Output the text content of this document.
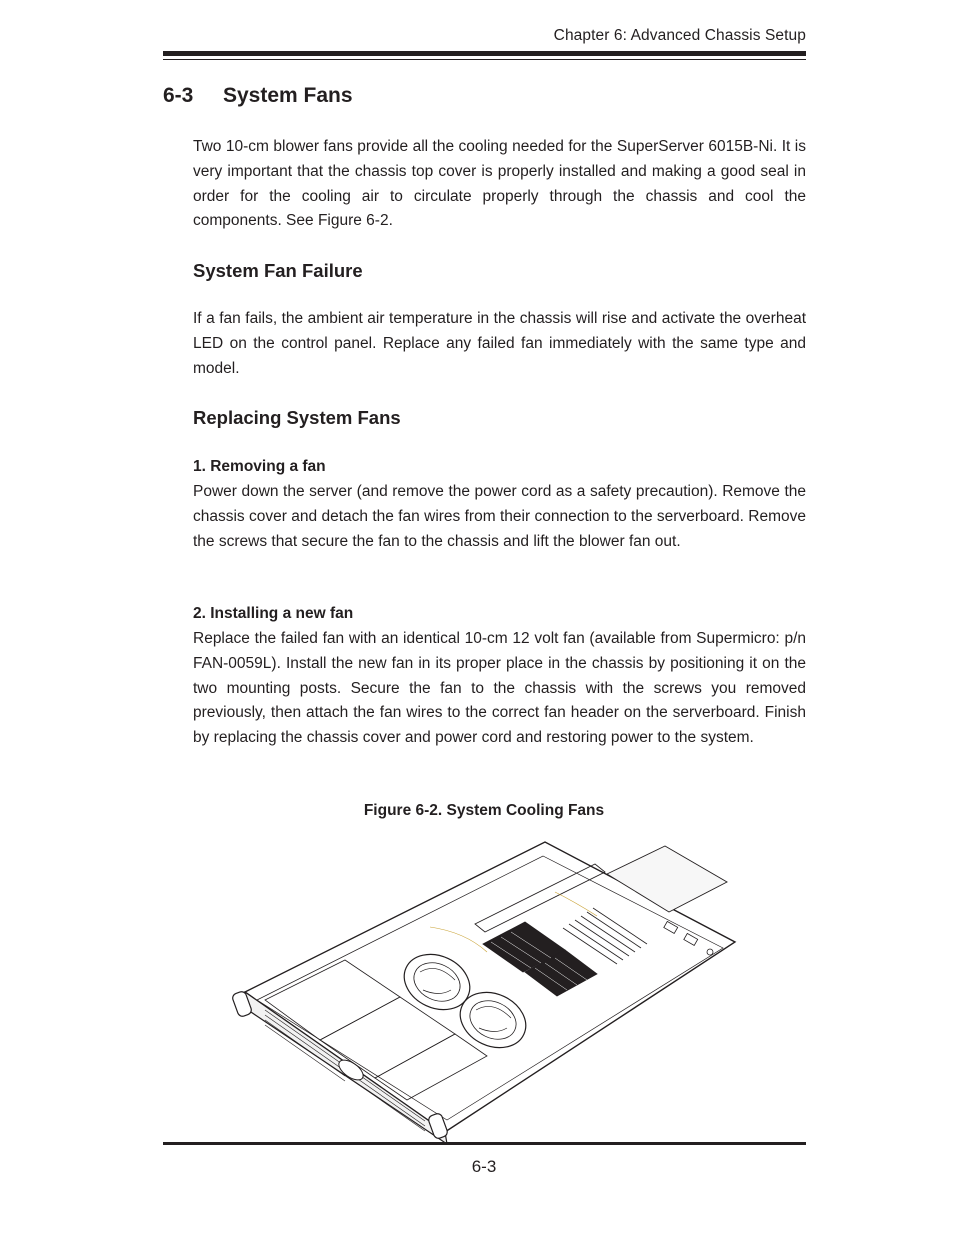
Chapter 6: Advanced Chassis Setup
6-3 System Fans

Two 10-cm blower fans provide all the cooling needed for the SuperServer 6015B-Ni. It is very important that the chassis top cover is properly installed and making a good seal in order for the cooling air to circulate properly through the chassis and cool the components. See Figure 6-2.

System Fan Failure

If a fan fails, the ambient air temperature in the chassis will rise and activate the overheat LED on the control panel. Replace any failed fan immediately with the same type and model.

Replacing System Fans
1. Removing a fan

Power down the server (and remove the power cord as a safety precaution). Remove the chassis cover and detach the fan wires from their connection to the serverboard. Remove the screws that secure the fan to the chassis and lift the blower fan out.

2. Installing a new fan

Replace the failed fan with an identical 10-cm 12 volt fan (available from Supermicro: p/n FAN-0059L). Install the new fan in its proper place in the chassis by positioning it on the two mounting posts. Secure the fan to the chassis with the screws you removed previously, then attach the fan wires to the correct fan header on the serverboard. Finish by replacing the chassis cover and power cord and restoring power to the system.

Figure 6-2. System Cooling Fans
6-3
